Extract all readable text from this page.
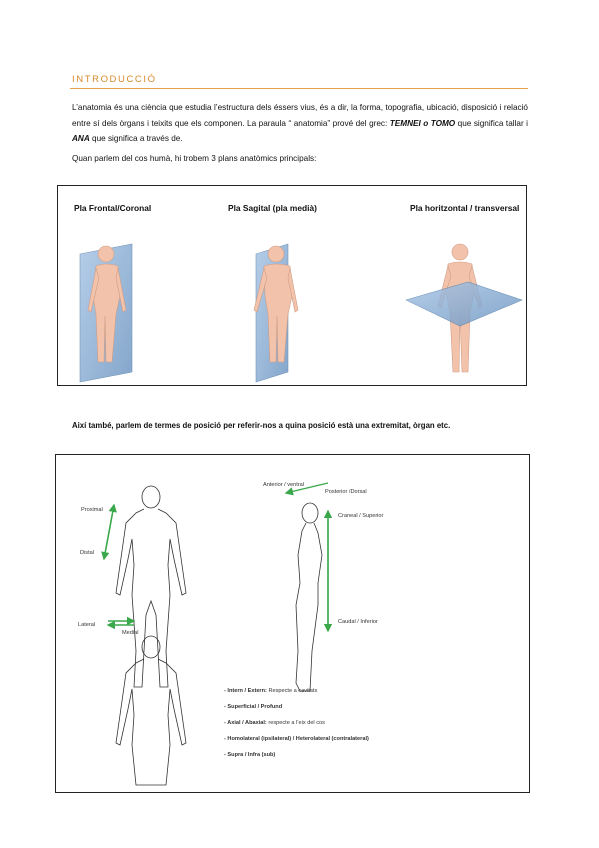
INTRODUCCIÓ
L’anatomia és una ciència que estudia l’estructura dels éssers vius, és a dir, la forma, topografia, ubicació, disposició i relació entre sí dels òrgans i teixits que els componen. La paraula “ anatomia” prové del grec: TEMNEI o TOMO que significa tallar i ANA que significa a través de.
Quan parlem del cos humà, hi trobem 3 plans anatòmics principals:
Pla Frontal/Coronal	Pla Sagital (pla medià)	Pla horitzontal / transversal
Així també, parlem de termes de posició per referir-nos a quina posició està una extremitat, òrgan etc.
Proximal
Distal
Lateral
Medial
Anterior / ventral
Posterior /Dorsal
Craneal / Superior
Caudal / Inferior
- Intern / Extern: Respecte a cavitats
- Superficial / Profund
- Axial / Abaxial: respecte a l’eix del cos
- Homolateral (ipsilateral) / Heterolateral (contralateral)
- Supra / Infra (sub)
